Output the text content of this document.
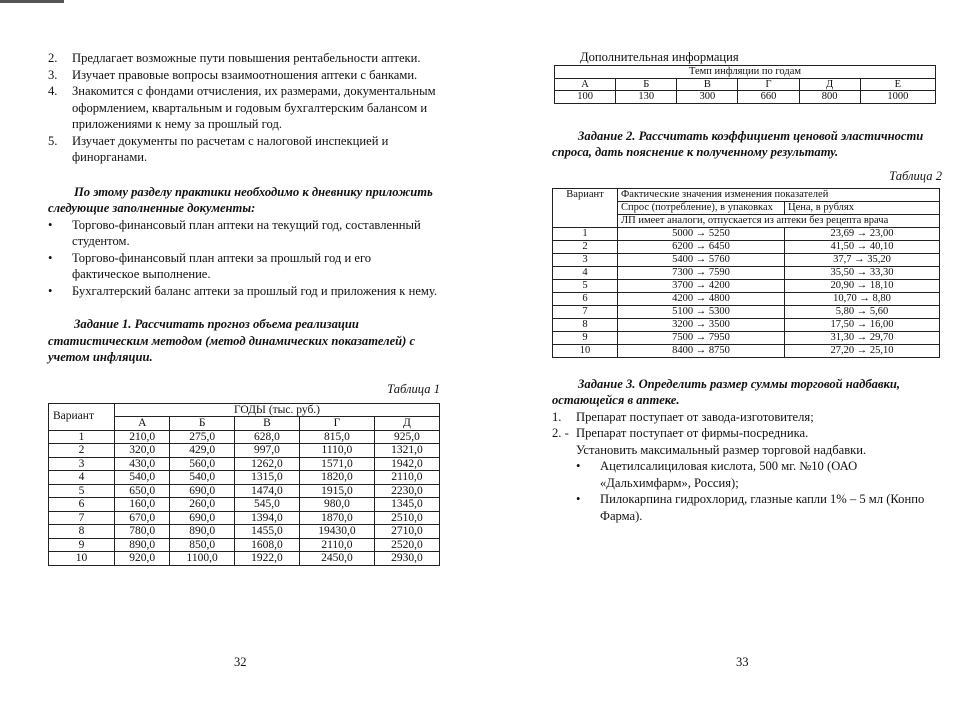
2.	Предлагает возможные пути повышения рентабельности аптеки.
3.	Изучает правовые вопросы взаимоотношения аптеки с банками.
4.	Знакомится с фондами отчисления, их размерами, документальным оформлением, квартальным и годовым бухгалтерским балансом и приложениями к нему за прошлый год.
5.	Изучает документы по расчетам с налоговой инспекцией и финорганами.
По этому разделу практики необходимо к дневнику приложить следующие заполненные документы:
•	Торгово-финансовый план аптеки на текущий год, составленный студентом.
•	Торгово-финансовый план аптеки за прошлый год и его фактическое выполнение.
•	Бухгалтерский баланс аптеки за прошлый год и приложения к нему.
Задание 1. Рассчитать прогноз объема реализации статистическим методом (метод динамических показателей) с учетом инфляции.
Таблица 1
Вариант	ГОДЫ (тыс. руб.)				
	А	Б	В	Г	Д
1	210,0	275,0	628,0	815,0	925,0
2	320,0	429,0	997,0	1110,0	1321,0
3	430,0	560,0	1262,0	1571,0	1942,0
4	540,0	540,0	1315,0	1820,0	2110,0
5	650,0	690,0	1474,0	1915,0	2230,0
6	160,0	260,0	545,0	980,0	1345,0
7	670,0	690,0	1394,0	1870,0	2510,0
8	780,0	890,0	1455,0	19430,0	2710,0
9	890,0	850,0	1608,0	2110,0	2520,0
10	920,0	1100,0	1922,0	2450,0	2930,0
32
Дополнительная информация
Темп инфляции по годам					
А	Б	В	Г	Д	Е
100	130	300	660	800	1000
Задание 2. Рассчитать коэффициент ценовой эластичности спроса, дать пояснение к полученному результату.
Таблица 2
Вариант	Фактические значения изменения показателей	
	Спрос (потребление), в упаковках	Цена, в рублях
	ЛП имеет аналоги, отпускается из аптеки без рецепта врача	
1	5000 → 5250	23,69 → 23,00
2	6200 → 6450	41,50 → 40,10
3	5400 → 5760	37,7 → 35,20
4	7300 → 7590	35,50 → 33,30
5	3700 → 4200	20,90 → 18,10
6	4200 → 4800	10,70 → 8,80
7	5100 → 5300	5,80 → 5,60
8	3200 → 3500	17,50 → 16,00
9	7500 → 7950	31,30 → 29,70
10	8400 → 8750	27,20 → 25,10
Задание 3. Определить размер суммы торговой надбавки, остающейся в аптеке.
1.	Препарат поступает от завода-изготовителя;
2. - Препарат поступает от фирмы-посредника.
Установить максимальный размер торговой надбавки.
•	Ацетилсалициловая кислота, 500 мг. №10 (ОАО «Дальхимфарм», Россия);
•	Пилокарпина гидрохлорид, глазные капли 1% – 5 мл (Конпо Фарма).
33
